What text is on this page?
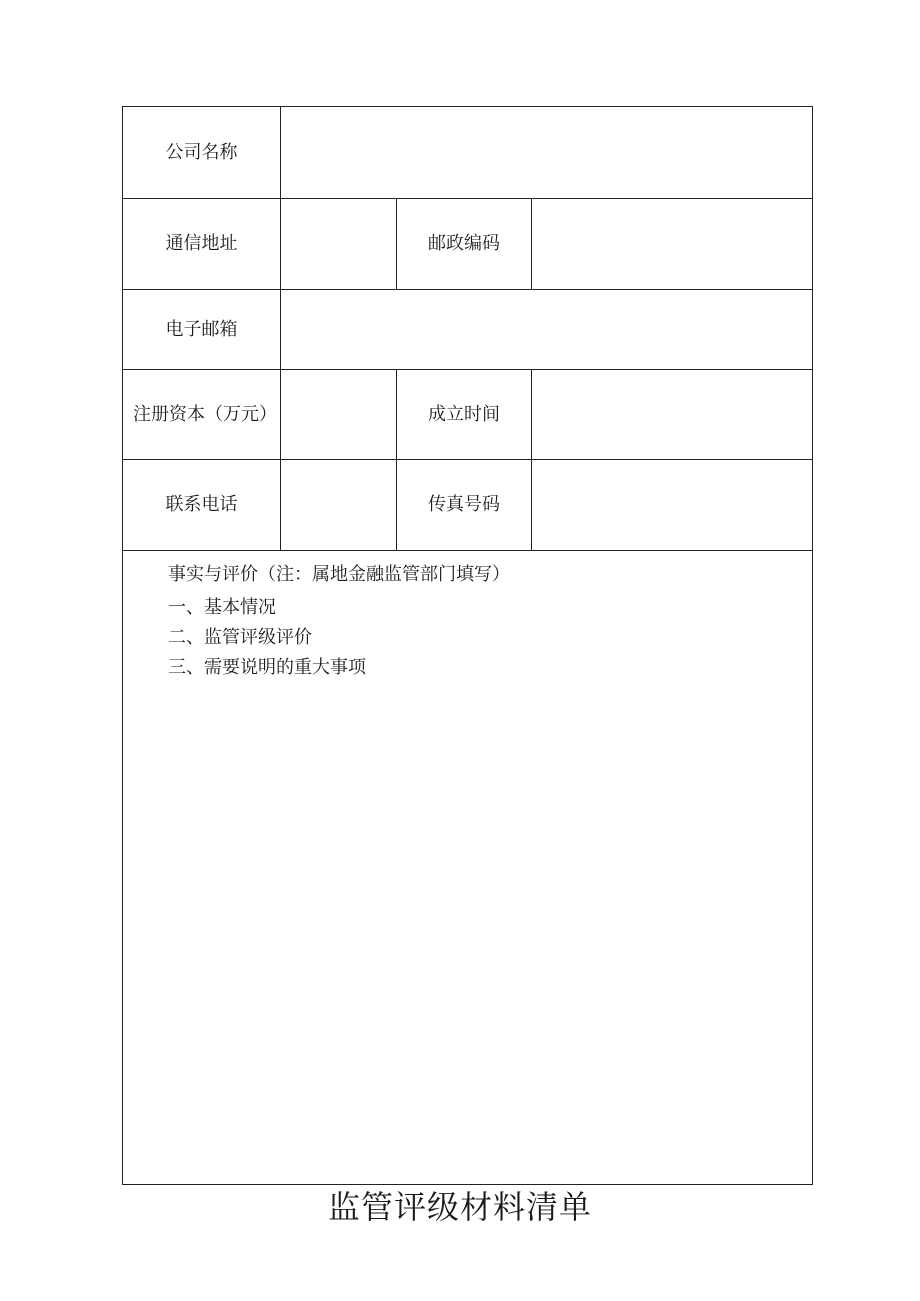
公司名称			
通信地址		邮政编码	
电子邮箱			
注册资本（万元）		成立时间	
联系电话		传真号码	

事实与评价（注：属地金融监管部门填写）
一、基本情况
二、监管评级评价
三、需要说明的重大事项			
监管评级材料清单
